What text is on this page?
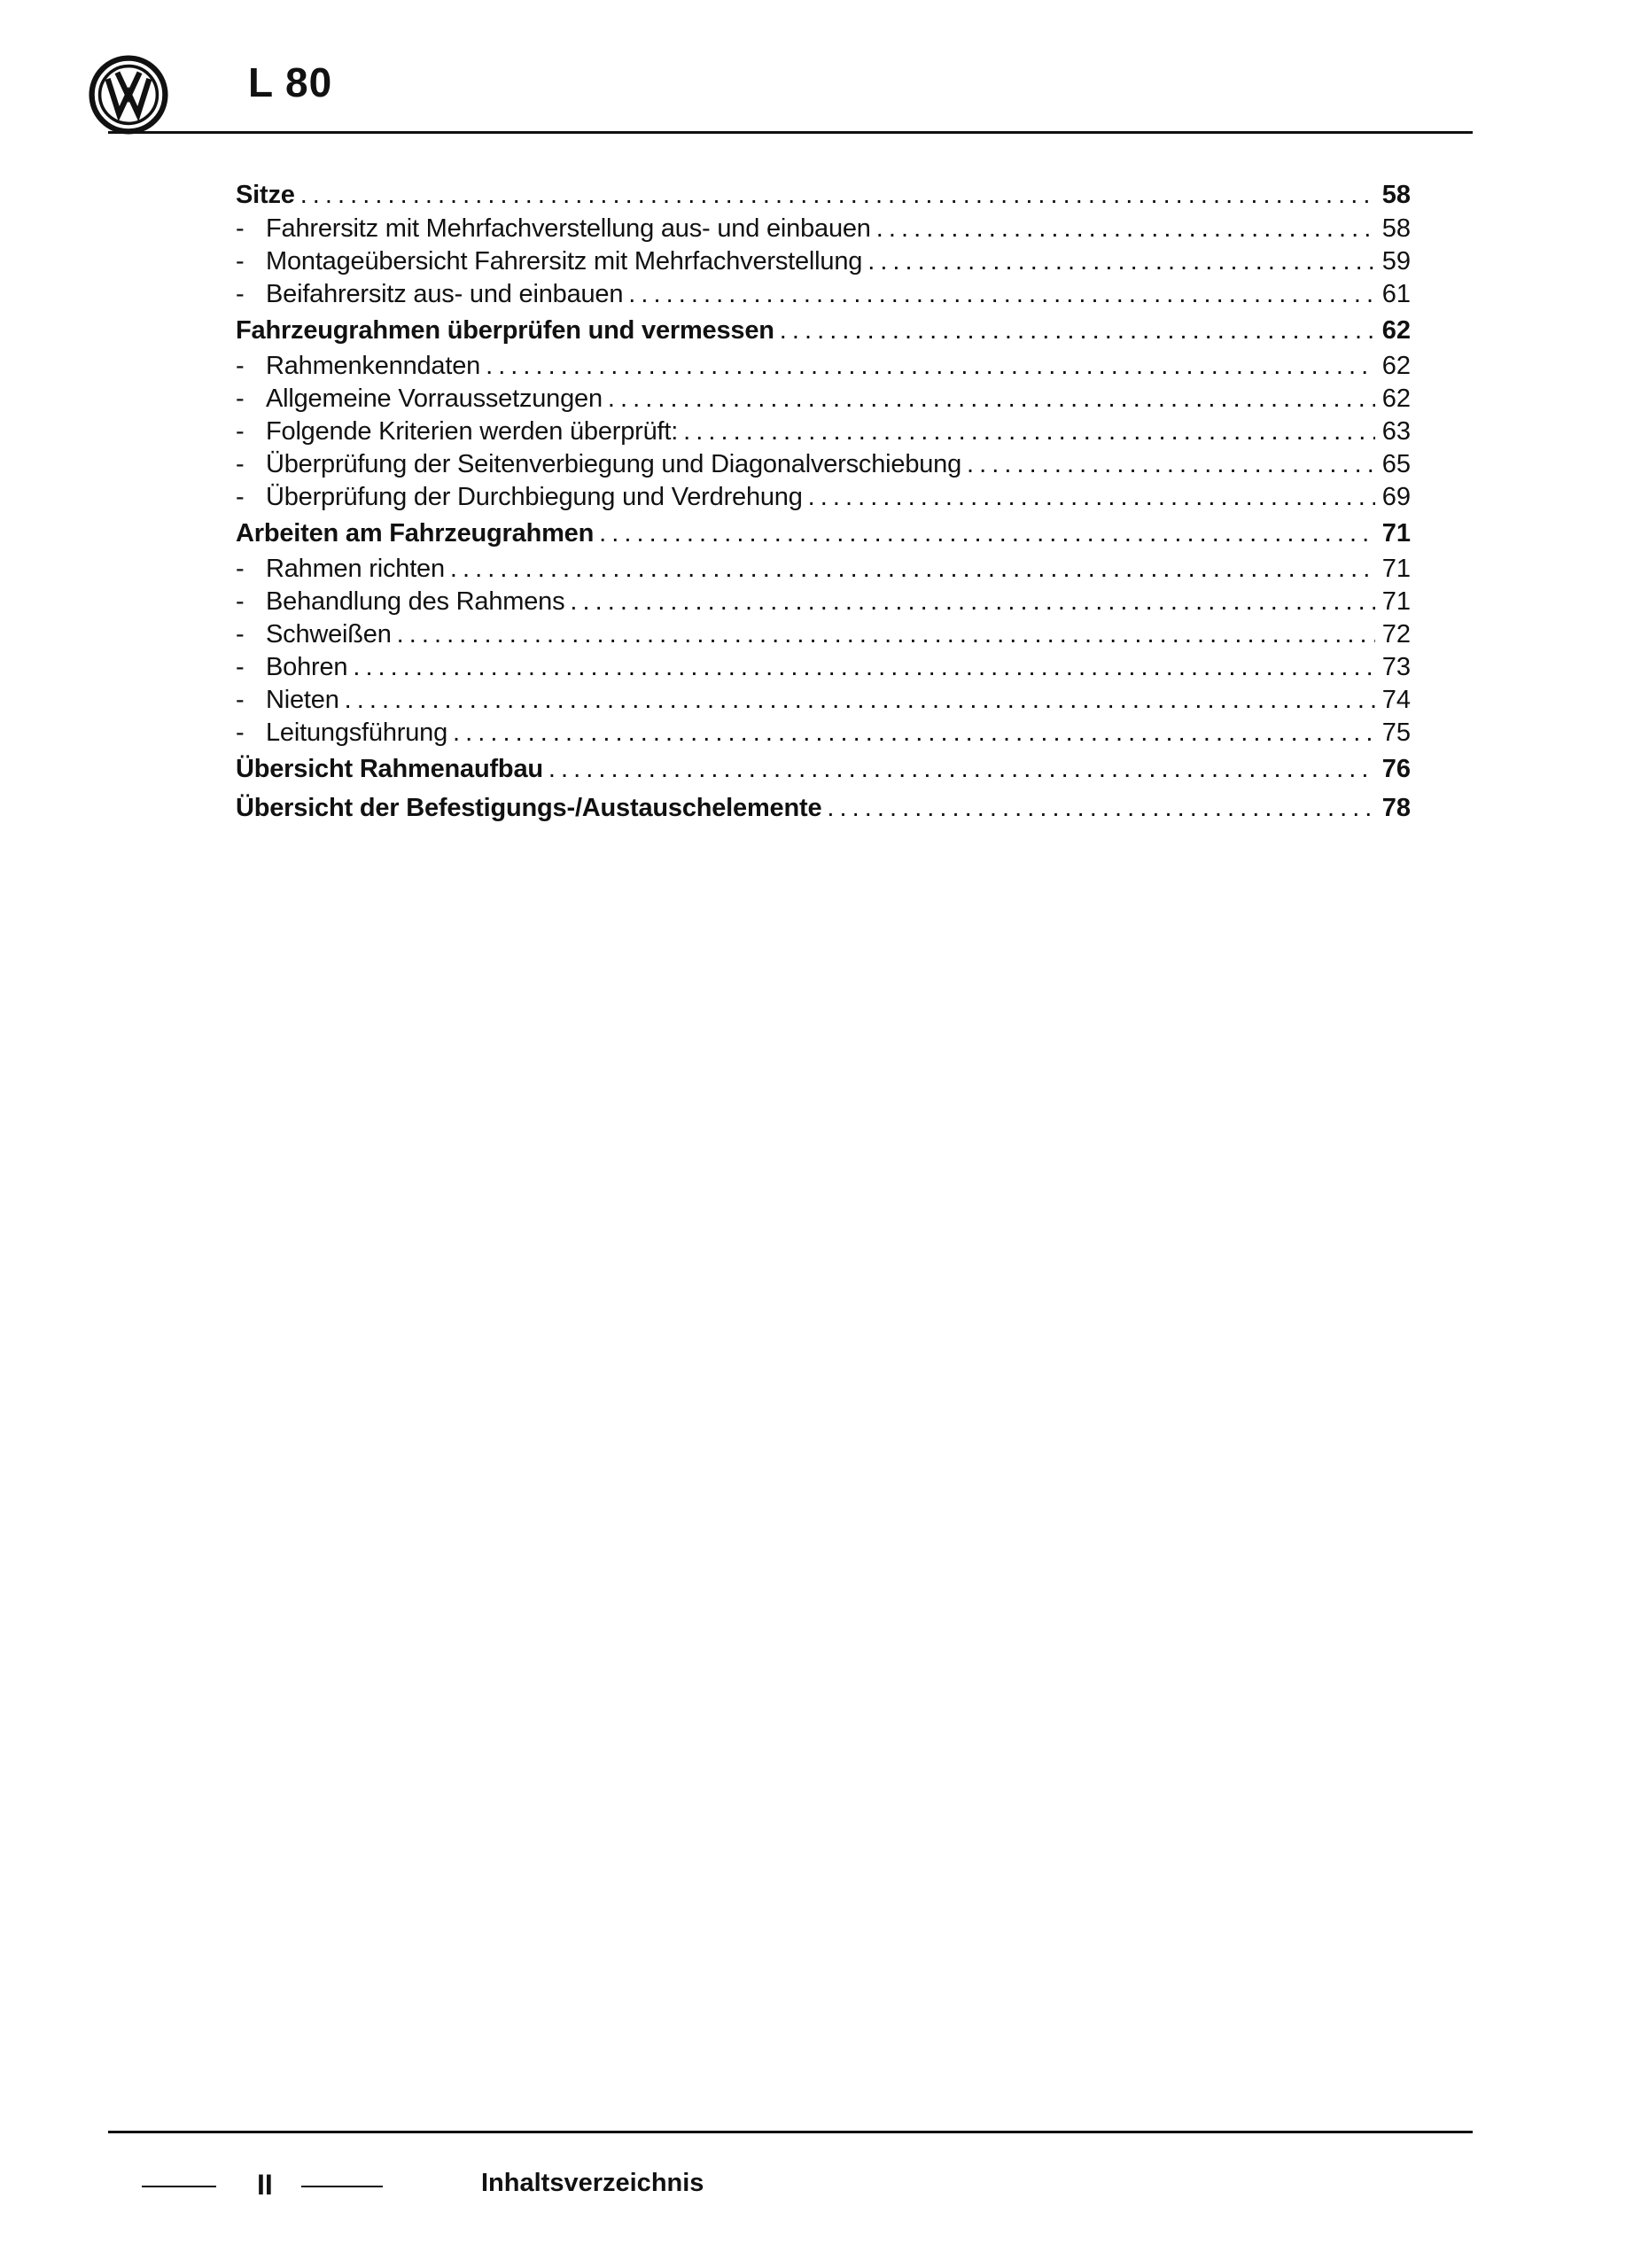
L 80
Sitze . . .	58
- Fahrersitz mit Mehrfachverstellung aus- und einbauen . . .	58
- Montageübersicht Fahrersitz mit Mehrfachverstellung . . .	59
- Beifahrersitz aus- und einbauen . . .	61
Fahrzeugrahmen überprüfen und vermessen . . .	62
- Rahmenkenndaten . . .	62
- Allgemeine Vorraussetzungen . . .	62
- Folgende Kriterien werden überprüft: . . .	63
- Überprüfung der Seitenverbiegung und Diagonalverschiebung . . .	65
- Überprüfung der Durchbiegung und Verdrehung . . .	69
Arbeiten am Fahrzeugrahmen . . .	71
- Rahmen richten . . .	71
- Behandlung des Rahmens . . .	71
- Schweißen . . .	72
- Bohren . . .	73
- Nieten . . .	74
- Leitungsführung . . .	75
Übersicht Rahmenaufbau . . .	76
Übersicht der Befestigungs-/Austauschelemente . . .	78
II	Inhaltsverzeichnis
